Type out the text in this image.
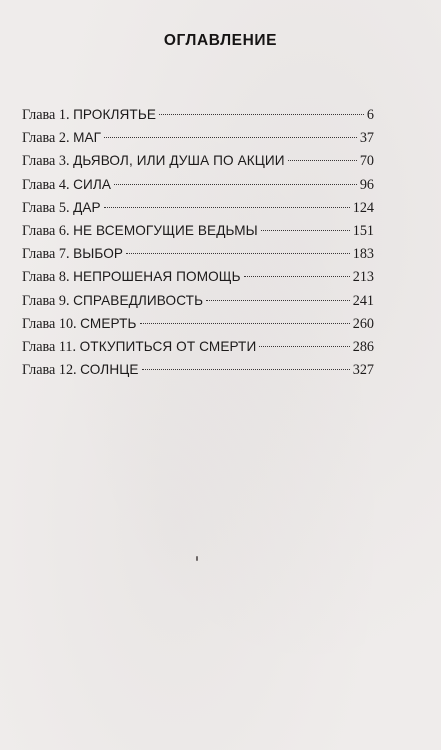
ОГЛАВЛЕНИЕ
Глава 1. ПРОКЛЯТЬЕ	6
Глава 2. МАГ	37
Глава 3. ДЬЯВОЛ, ИЛИ ДУША ПО АКЦИИ	70
Глава 4. СИЛА	96
Глава 5. ДАР	124
Глава 6. НЕ ВСЕМОГУЩИЕ ВЕДЬМЫ	151
Глава 7. ВЫБОР	183
Глава 8. НЕПРОШЕНАЯ ПОМОЩЬ	213
Глава 9. СПРАВЕДЛИВОСТЬ	241
Глава 10. СМЕРТЬ	260
Глава 11. ОТКУПИТЬСЯ ОТ СМЕРТИ	286
Глава 12. СОЛНЦЕ	327
